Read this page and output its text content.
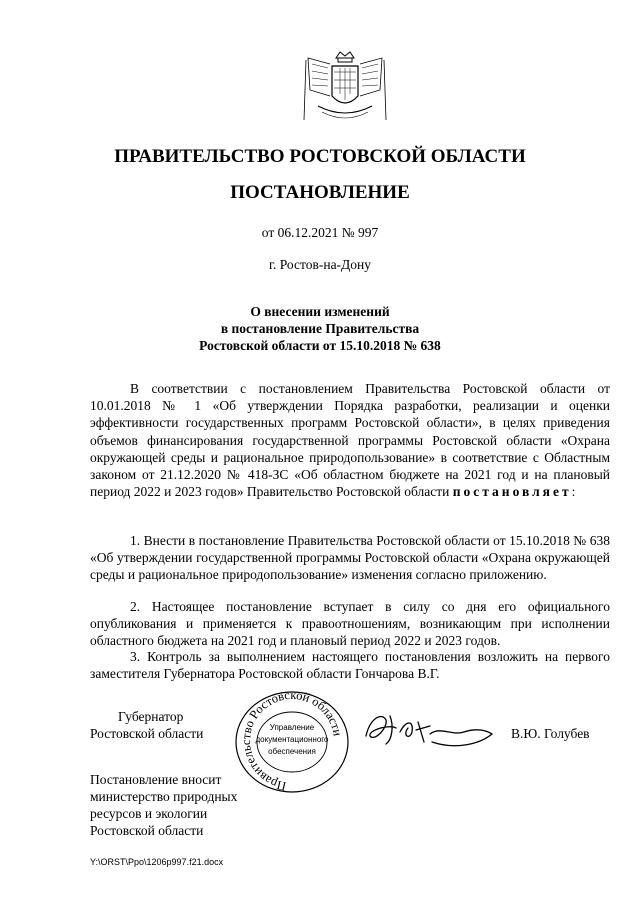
ПРАВИТЕЛЬСТВО РОСТОВСКОЙ ОБЛАСТИ
ПОСТАНОВЛЕНИЕ
от 06.12.2021 № 997
г. Ростов-на-Дону
О внесении изменений
в постановление Правительства
Ростовской области от 15.10.2018 № 638
В соответствии с постановлением Правительства Ростовской области от 10.01.2018 № 1 «Об утверждении Порядка разработки, реализации и оценки эффективности государственных программ Ростовской области», в целях приведения объемов финансирования государственной программы Ростовской области «Охрана окружающей среды и рациональное природопользование» в соответствие с Областным законом от 21.12.2020 № 418-ЗС «Об областном бюджете на 2021 год и на плановый период 2022 и 2023 годов» Правительство Ростовской области постановляет:
1. Внести в постановление Правительства Ростовской области от 15.10.2018 № 638 «Об утверждении государственной программы Ростовской области «Охрана окружающей среды и рациональное природопользование» изменения согласно приложению.
2. Настоящее постановление вступает в силу со дня его официального опубликования и применяется к правоотношениям, возникающим при исполнении областного бюджета на 2021 год и плановый период 2022 и 2023 годов.
3. Контроль за выполнением настоящего постановления возложить на первого заместителя Губернатора Ростовской области Гончарова В.Г.
Губернатор
Ростовской области	В.Ю. Голубев
Правительство Ростовской области
Управление
документационного
обеспечения
Постановление вносит
министерство природных
ресурсов и экологии
Ростовской области
Y:\ORST\Ppo\1206p997.f21.docx
